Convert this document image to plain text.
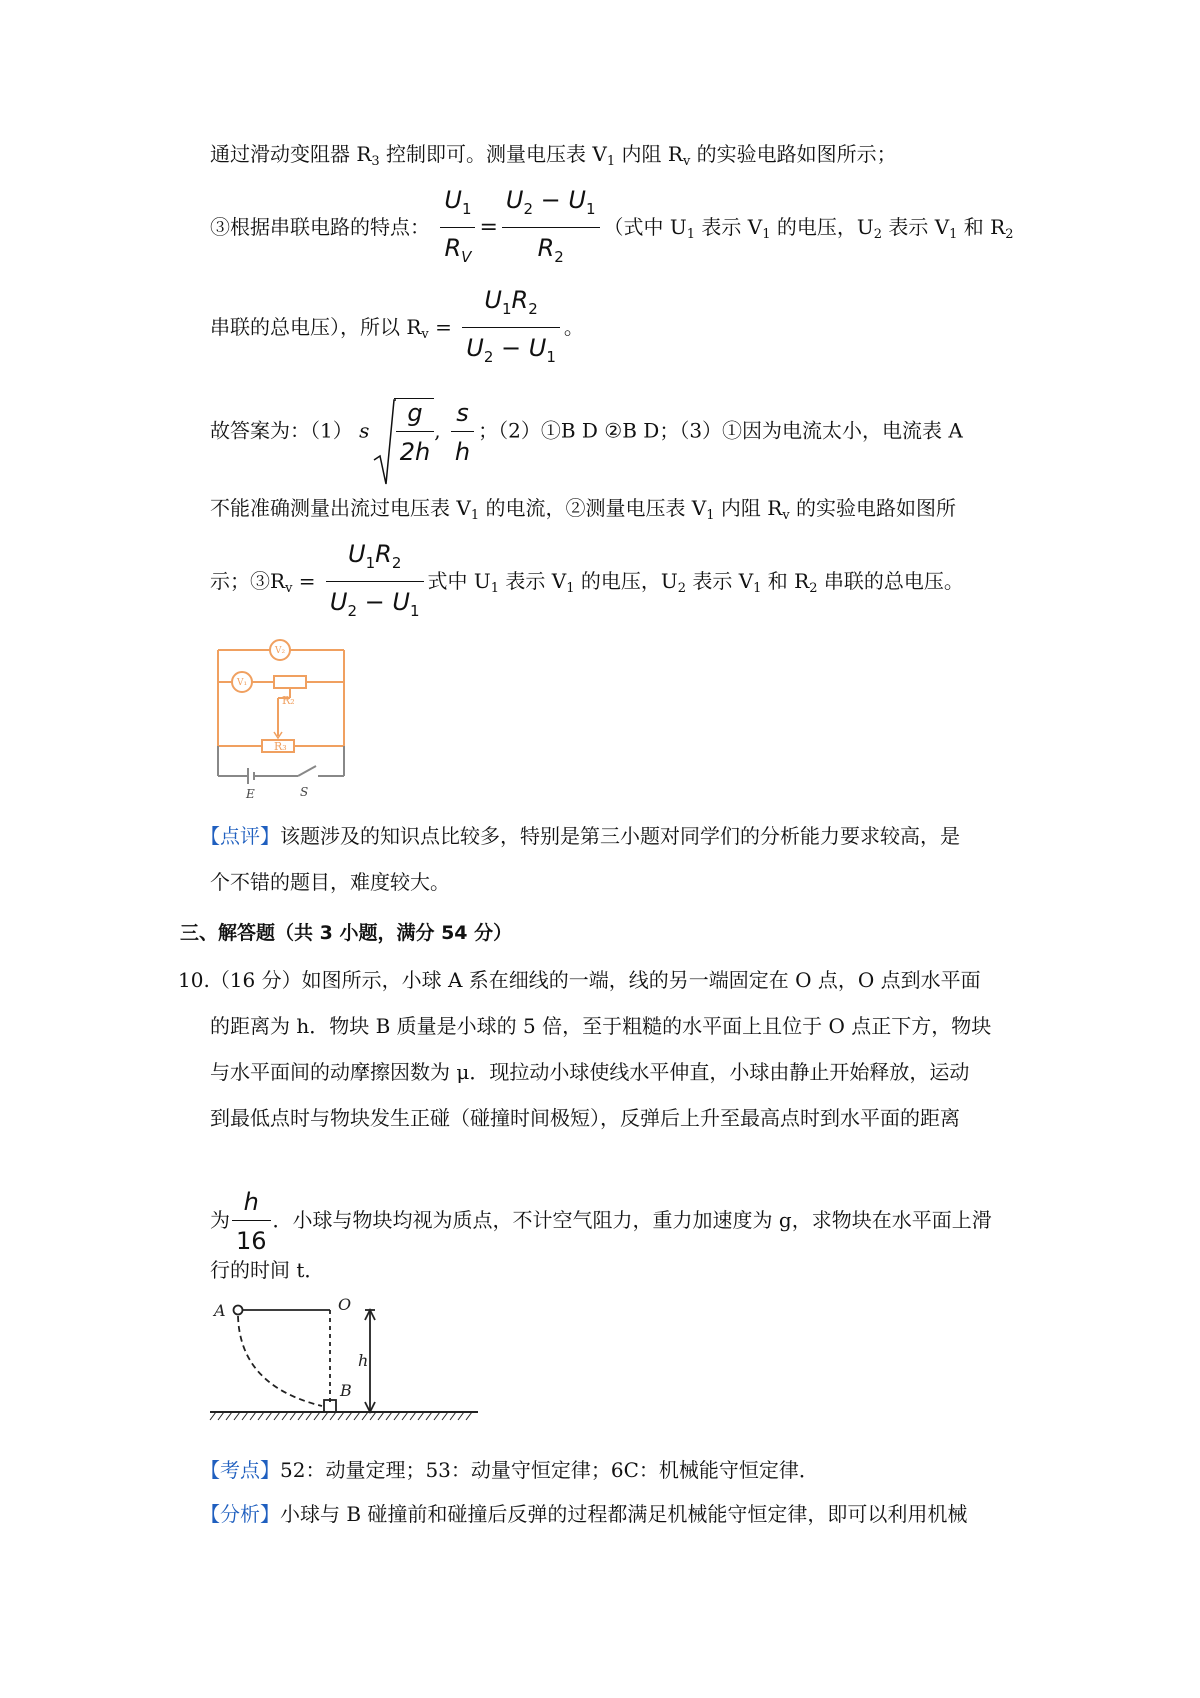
通过滑动变阻器 $R_3$ 控制即可。测量电压表 $V_1$ 内阻 $R_v$ 的实验电路如图所示；
③根据串联电路的特点： $\frac{U_1}{R_V} = \frac{U_2 - U_1}{R_2}$ （式中 $U_1$ 表示 $V_1$ 的电压，$U_2$ 表示 $V_1$ 和 $R_2$
串联的总电压），所以 $R_v = \frac{U_1R_2}{U_2 - U_1}$ 。
故答案为：（1） s $\frac{g}{2h}$ , $\frac{s}{h}$ ；（2）①B D ②B D；（3）①因为电流太小，电流表 A
不能准确测量出流过电压表 $V_1$ 的电流，②测量电压表 $V_1$ 内阻 $R_v$ 的实验电路如图所
示；$③R_v = \frac{U_1R_2}{U_2 - U_1}$ 式中 $U_1$ 表示 $V_1$ 的电压，$U_2$ 表示 $V_1$ 和 $R_2$ 串联的总电压。
V₂
V₁
R₂
R₃
E	S
【点评】该题涉及的知识点比较多，特别是第三小题对同学们的分析能力要求较高，是
个不错的题目，难度较大。
三、解答题（共 3 小题，满分 54 分）
10.（16 分）如图所示，小球 A 系在细线的一端，线的另一端固定在 O 点，O 点到水平面
的距离为 h．物块 B 质量是小球的 5 倍，至于粗糙的水平面上且位于 O 点正下方，物块
与水平面间的动摩擦因数为 μ．现拉动小球使线水平伸直，小球由静止开始释放，运动
到最低点时与物块发生正碰（碰撞时间极短），反弹后上升至最高点时到水平面的距离
为 $\frac{h}{16}$ ．小球与物块均视为质点，不计空气阻力，重力加速度为 g，求物块在水平面上滑
行的时间 t．
A	O
h
B
【考点】52：动量定理；53：动量守恒定律；6C：机械能守恒定律．
【分析】小球与 B 碰撞前和碰撞后反弹的过程都满足机械能守恒定律，即可以利用机械
